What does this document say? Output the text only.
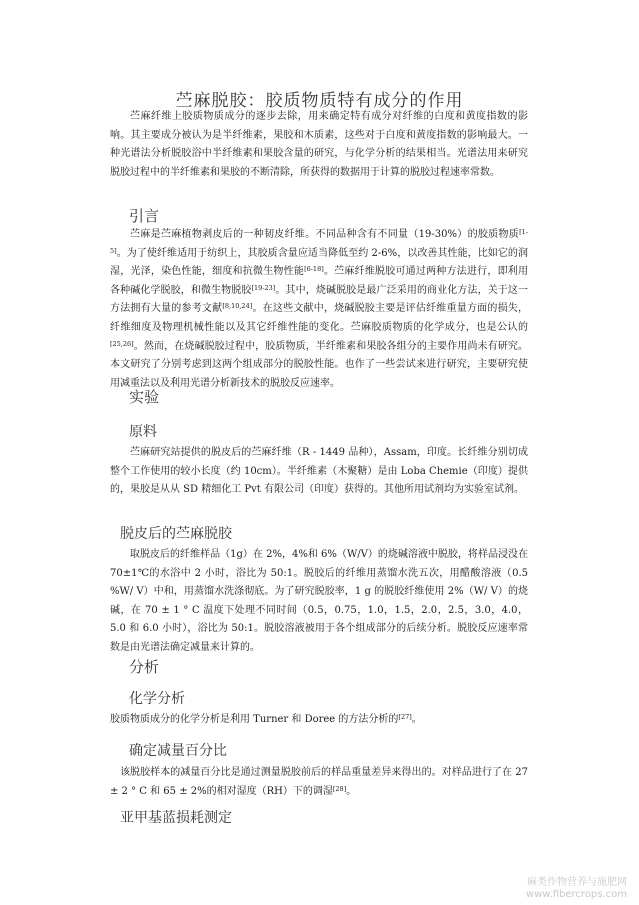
苎麻脱胶：胶质物质特有成分的作用

苎麻纤维上胶质物质成分的逐步去除，用来确定特有成分对纤维的白度和黄度指数的影响。其主要成分被认为是半纤维素，果胶和木质素，这些对于白度和黄度指数的影响最大。一种光谱法分析脱胶浴中半纤维素和果胶含量的研究，与化学分析的结果相当。光谱法用来研究脱胶过程中的半纤维素和果胶的不断清除，所获得的数据用于计算的脱胶过程速率常数。

引言

苎麻是苎麻植物剥皮后的一种韧皮纤维。不同品种含有不同量（19-30%）的胶质物质[1-5]。为了使纤维适用于纺织上，其胶质含量应适当降低至约 2-6%，以改善其性能，比如它的润湿，光泽，染色性能，细度和抗微生物性能[6-18]。苎麻纤维脱胶可通过两种方法进行，即利用各种碱化学脱胶，和微生物脱胶[19-23]。其中，烧碱脱胶是最广泛采用的商业化方法，关于这一方法拥有大量的参考文献[8,10,24]。在这些文献中，烧碱脱胶主要是评估纤维重量方面的损失，纤维细度及物理机械性能以及其它纤维性能的变化。苎麻胶质物质的化学成分，也是公认的[25,26]。然而，在烧碱脱胶过程中，胶质物质，半纤维素和果胶各组分的主要作用尚未有研究。本文研究了分别考虑到这两个组成部分的脱胶性能。也作了一些尝试来进行研究，主要研究使用减重法以及利用光谱分析新技术的脱胶反应速率。

实验
原料

苎麻研究站提供的脱皮后的苎麻纤维（R - 1449 品种），Assam，印度。长纤维分别切成整个工作使用的较小长度（约 10cm）。半纤维素（木聚糖）是由 Loba Chemie（印度）提供的，果胶是从从 SD 精细化工 Pvt 有限公司（印度）获得的。其他所用试剂均为实验室试剂。

脱皮后的苎麻脱胶

取脱皮后的纤维样品（1g）在 2%，4%和 6%（W/V）的烧碱溶液中脱胶，将样品浸没在 70±1℃的水浴中 2 小时，浴比为 50:1。脱胶后的纤维用蒸馏水洗五次，用醋酸溶液（0.5 %W/ V）中和，用蒸馏水洗涤彻底。为了研究脱胶率，1 g 的脱胶纤维使用 2%（W/ V）的烧碱，在 70 ± 1 ° C 温度下处理不同时间（0.5，0.75，1.0，1.5，2.0，2.5，3.0，4.0，5.0 和 6.0 小时），浴比为 50:1。脱胶溶液被用于各个组成部分的后续分析。脱胶反应速率常数是由光谱法确定减量来计算的。

分析
化学分析

胶质物质成分的化学分析是利用 Turner 和 Doree 的方法分析的[27]。

确定减量百分比

该脱胶样本的减量百分比是通过测量脱胶前后的样品重量差异来得出的。对样品进行了在 27 ± 2 ° C 和 65 ± 2%的相对湿度（RH）下的调湿[28]。

亚甲基蓝损耗测定
麻类作物营养与施肥网
www.fibercrops.com
